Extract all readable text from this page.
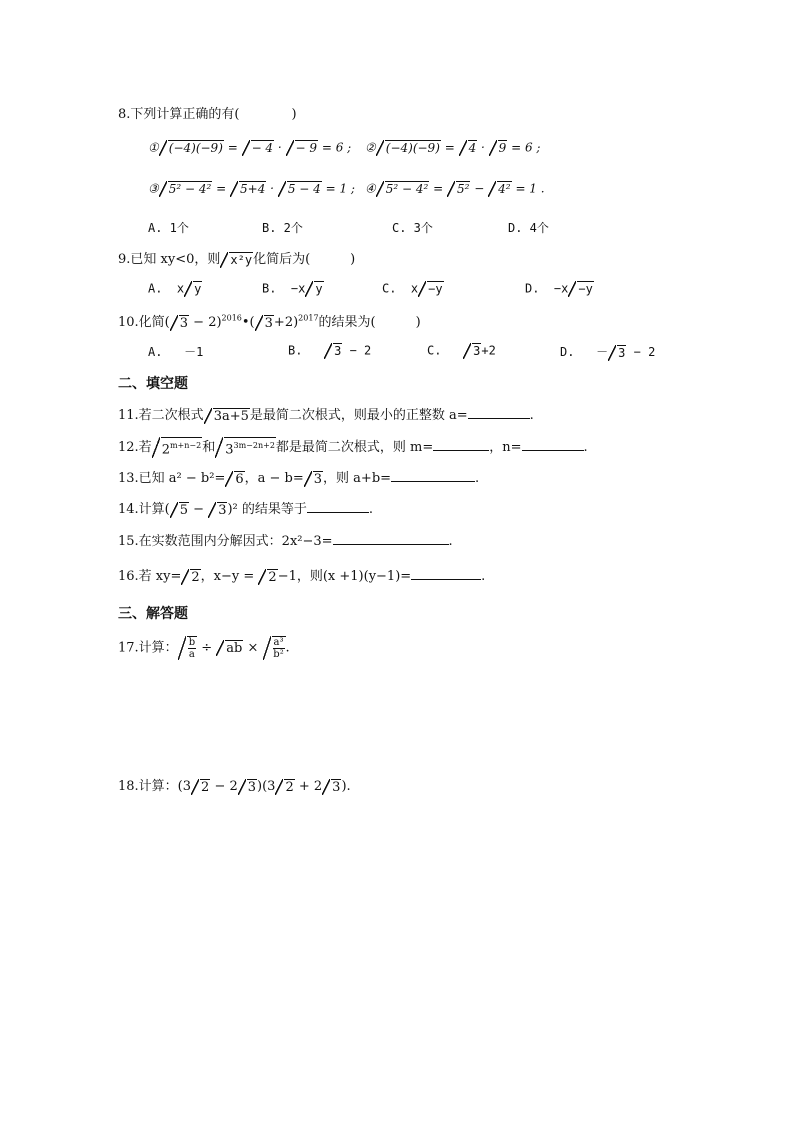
8.下列计算正确的有(	)
① (−4)(−9) = − 4 · − 9 = 6 ; ② (−4)(−9) = 4 · 9 = 6 ;
③ 5² − 4² = 5+4 · 5 − 4 = 1 ; ④ 5² − 4² = 5² − 4² = 1 .
A. 1个	B. 2个	C. 3个	D. 4个
9.已知 xy<0，则 x²y化简后为(	)
A. x y	B. −x y	C. x −y	D. −x −y
10.化简( 3 − 2)$^{2016}$•( 3+2)$^{2017}$的结果为(	)
A. －1	B.	3 − 2	C.	3+2	D. － 3 − 2
二、填空题
11.若二次根式 3a+5是最简二次根式，则最小的正整数 a=	.
12.若 $2^{m+n-2}$和 $3^{3m-2n+2}$都是最简二次根式，则 m=	，n=	.
13.已知 a² − b²= 6，a − b= 3，则 a+b=	.
14.计算( 5 − 3)² 的结果等于	.
15.在实数范围内分解因式：2x²−3=	.
16.若 xy= 2，x−y = 2−1，则(x +1)(y−1)=	.
三、解答题
17.计算： $\frac{b}{a}$ ÷ ab × $\frac{\text{a³}}{\text{b²}}$ .
18.计算：(3 2 − 2 3)(3 2 + 2 3).
